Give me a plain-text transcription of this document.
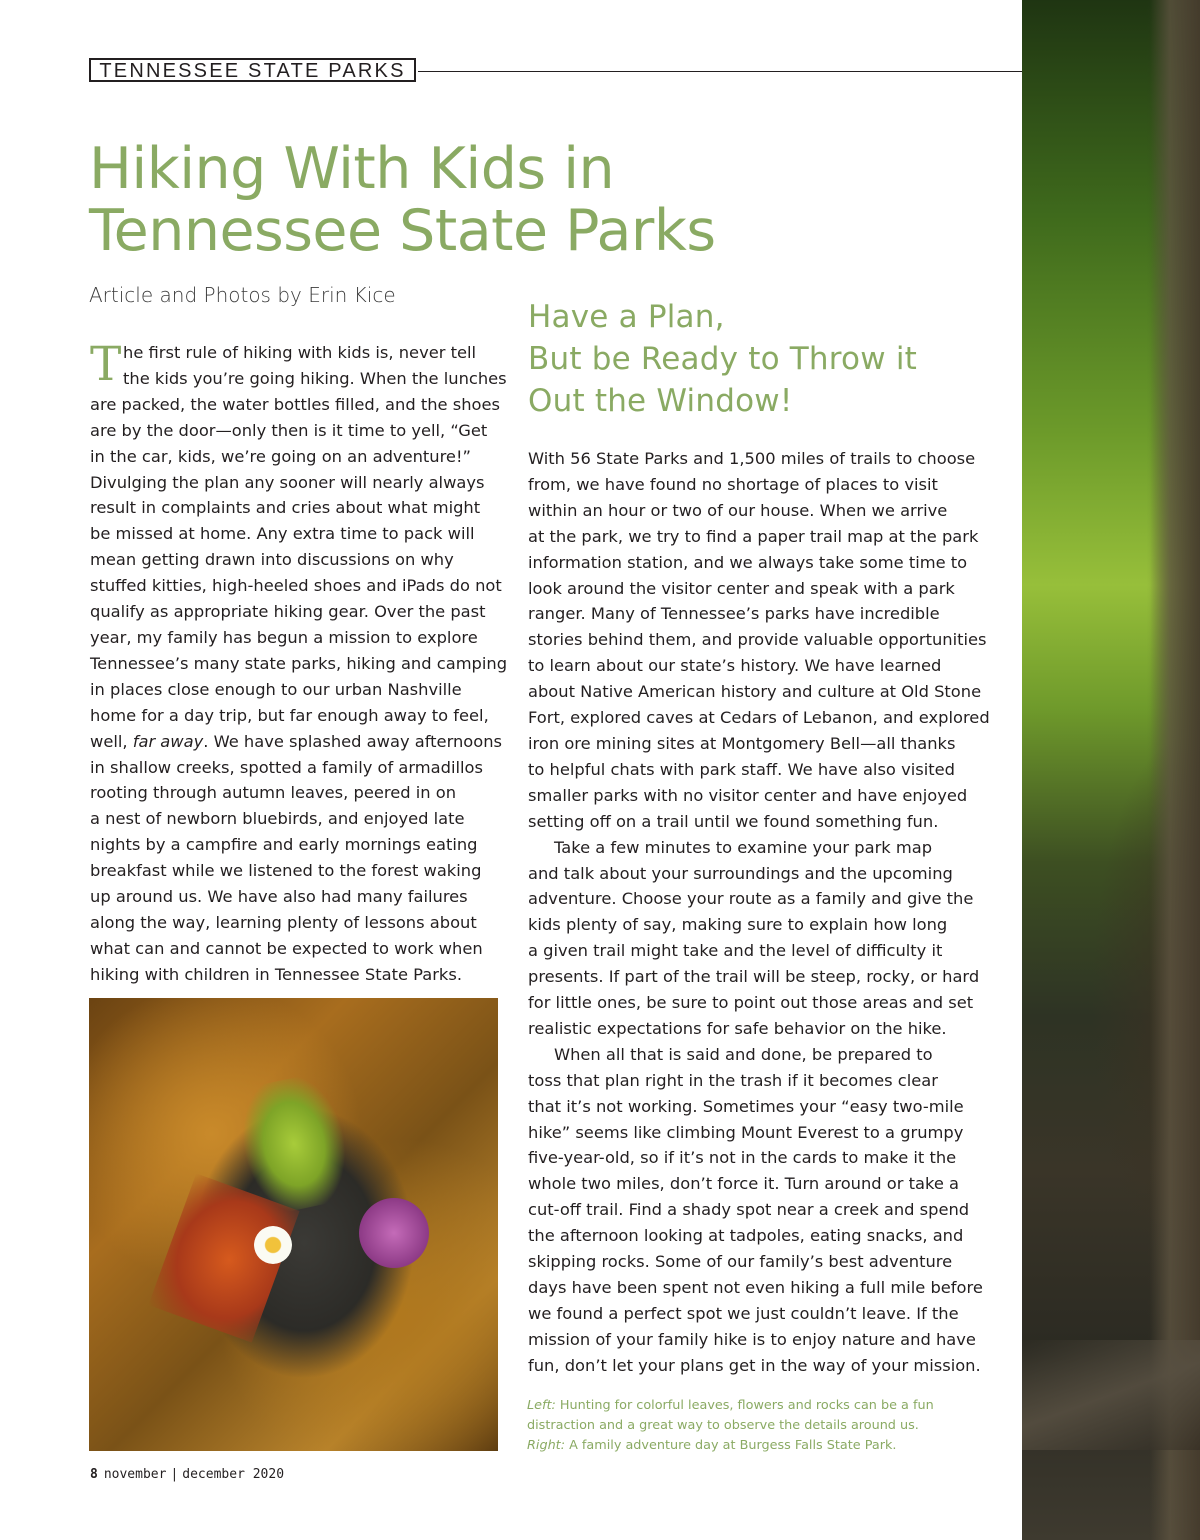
TENNESSEE STATE PARKS
Hiking With Kids in
Tennessee State Parks

Article and Photos by Erin Kice

T he first rule of hiking with kids is, never tell
the kids you’re going hiking. When the lunches
are packed, the water bottles filled, and the shoes
are by the door—only then is it time to yell, “Get
in the car, kids, we’re going on an adventure!”
Divulging the plan any sooner will nearly always
result in complaints and cries about what might
be missed at home. Any extra time to pack will
mean getting drawn into discussions on why
stuffed kitties, high-heeled shoes and iPads do not
qualify as appropriate hiking gear. Over the past
year, my family has begun a mission to explore
Tennessee’s many state parks, hiking and camping
in places close enough to our urban Nashville
home for a day trip, but far enough away to feel,
well, far away. We have splashed away afternoons
in shallow creeks, spotted a family of armadillos
rooting through autumn leaves, peered in on
a nest of newborn bluebirds, and enjoyed late
nights by a campfire and early mornings eating
breakfast while we listened to the forest waking
up around us. We have also had many failures
along the way, learning plenty of lessons about
what can and cannot be expected to work when
hiking with children in Tennessee State Parks.
Have a Plan,
But be Ready to Throw it
Out the Window!
With 56 State Parks and 1,500 miles of trails to choose
from, we have found no shortage of places to visit
within an hour or two of our house. When we arrive
at the park, we try to find a paper trail map at the park
information station, and we always take some time to
look around the visitor center and speak with a park
ranger. Many of Tennessee’s parks have incredible
stories behind them, and provide valuable opportunities
to learn about our state’s history. We have learned
about Native American history and culture at Old Stone
Fort, explored caves at Cedars of Lebanon, and explored
iron ore mining sites at Montgomery Bell—all thanks
to helpful chats with park staff. We have also visited
smaller parks with no visitor center and have enjoyed
setting off on a trail until we found something fun.
Take a few minutes to examine your park map
and talk about your surroundings and the upcoming
adventure. Choose your route as a family and give the
kids plenty of say, making sure to explain how long
a given trail might take and the level of difficulty it
presents. If part of the trail will be steep, rocky, or hard
for little ones, be sure to point out those areas and set
realistic expectations for safe behavior on the hike.
When all that is said and done, be prepared to
toss that plan right in the trash if it becomes clear
that it’s not working. Sometimes your “easy two-mile
hike” seems like climbing Mount Everest to a grumpy
five-year-old, so if it’s not in the cards to make it the
whole two miles, don’t force it. Turn around or take a
cut-off trail. Find a shady spot near a creek and spend
the afternoon looking at tadpoles, eating snacks, and
skipping rocks. Some of our family’s best adventure
days have been spent not even hiking a full mile before
we found a perfect spot we just couldn’t leave. If the
mission of your family hike is to enjoy nature and have
fun, don’t let your plans get in the way of your mission.

Left: Hunting for colorful leaves, flowers and rocks can be a fun
distraction and a great way to observe the details around us.
Right: A family adventure day at Burgess Falls State Park.

8 november | december 2020
